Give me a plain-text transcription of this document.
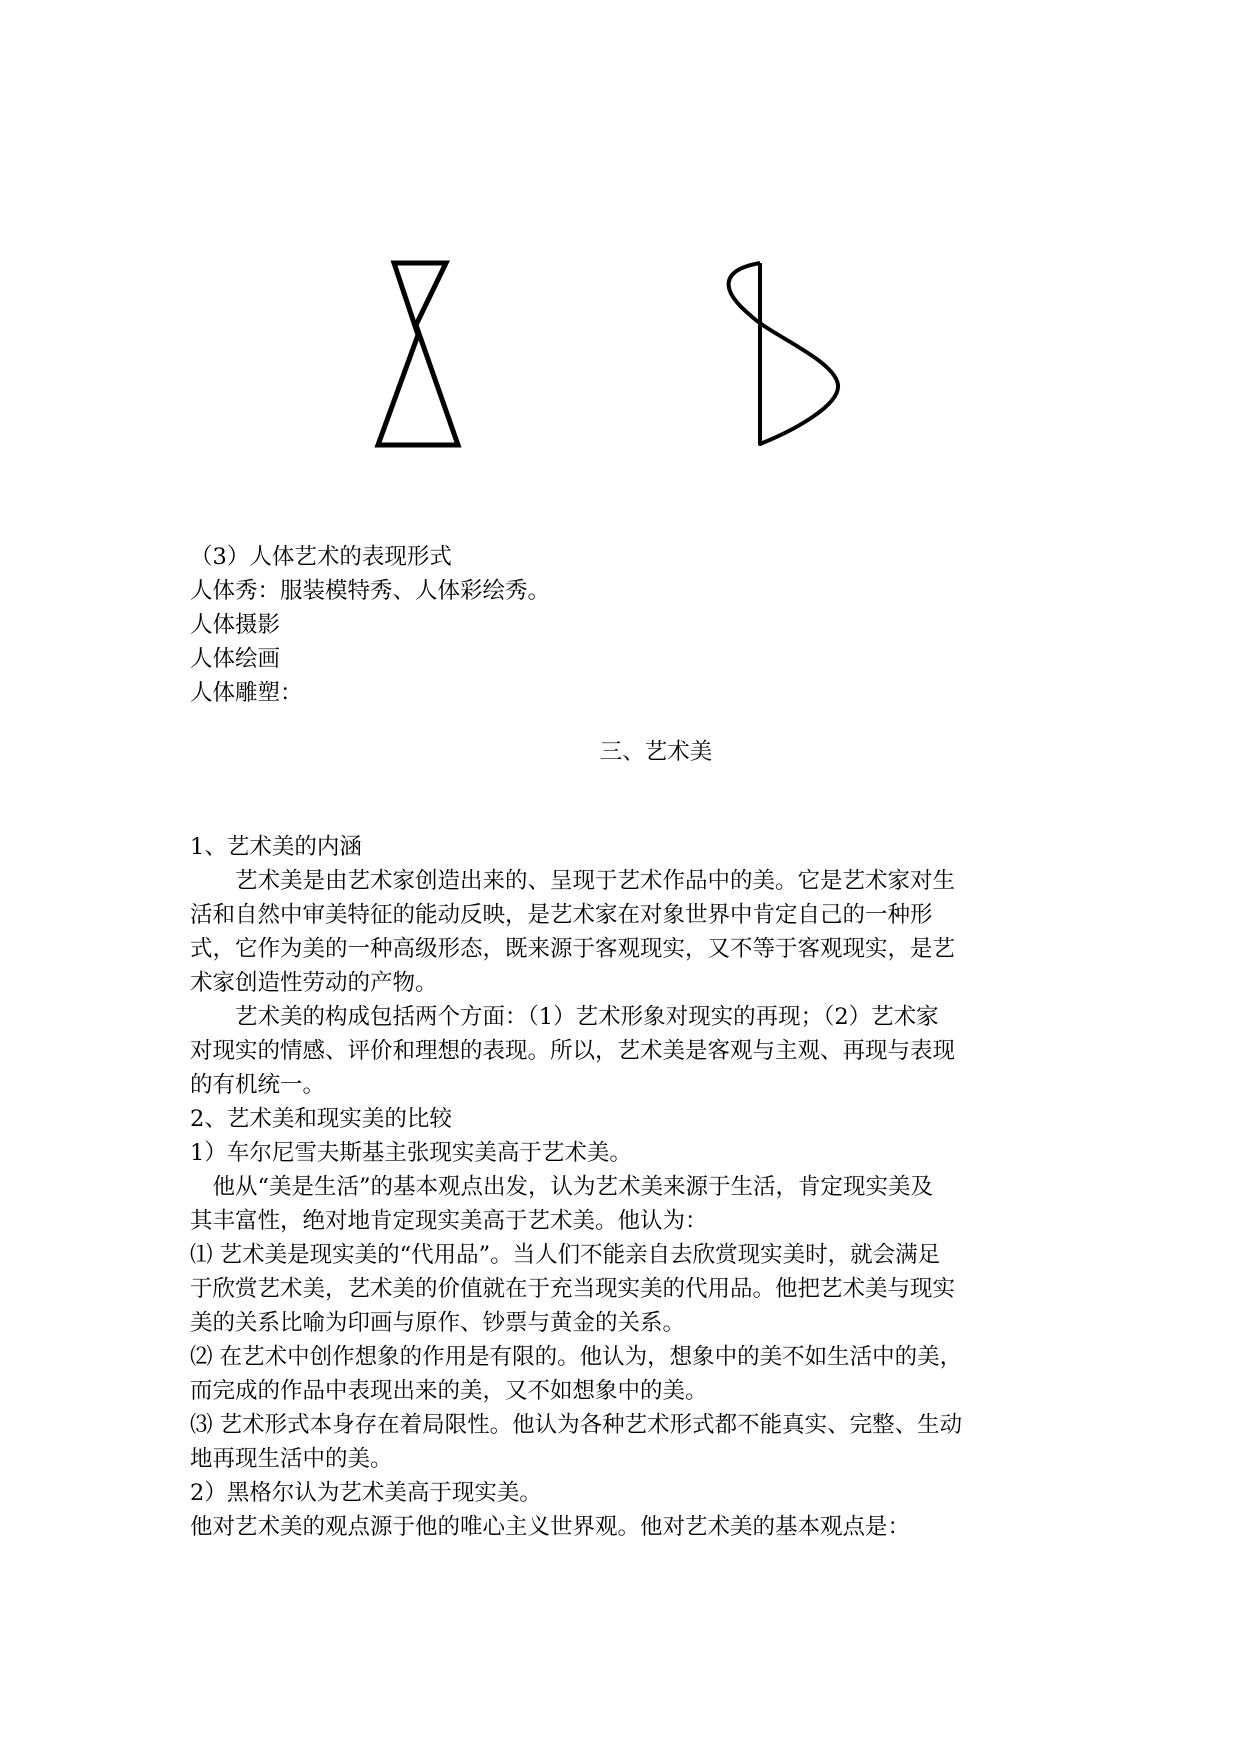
（3）人体艺术的表现形式
人体秀：服装模特秀、人体彩绘秀。
人体摄影
人体绘画
人体雕塑：
三、艺术美
1、艺术美的内涵
　　艺术美是由艺术家创造出来的、呈现于艺术作品中的美。它是艺术家对生
活和自然中审美特征的能动反映，是艺术家在对象世界中肯定自己的一种形
式，它作为美的一种高级形态，既来源于客观现实，又不等于客观现实，是艺
术家创造性劳动的产物。
　　艺术美的构成包括两个方面：（1）艺术形象对现实的再现；（2）艺术家
对现实的情感、评价和理想的表现。所以，艺术美是客观与主观、再现与表现
的有机统一。
2、艺术美和现实美的比较
1）车尔尼雪夫斯基主张现实美高于艺术美。
　他从“美是生活”的基本观点出发，认为艺术美来源于生活，肯定现实美及
其丰富性，绝对地肯定现实美高于艺术美。他认为：
⑴ 艺术美是现实美的“代用品”。当人们不能亲自去欣赏现实美时，就会满足
于欣赏艺术美，艺术美的价值就在于充当现实美的代用品。他把艺术美与现实
美的关系比喻为印画与原作、钞票与黄金的关系。
⑵ 在艺术中创作想象的作用是有限的。他认为，想象中的美不如生活中的美，
而完成的作品中表现出来的美，又不如想象中的美。
⑶ 艺术形式本身存在着局限性。他认为各种艺术形式都不能真实、完整、生动
地再现生活中的美。
2）黑格尔认为艺术美高于现实美。
他对艺术美的观点源于他的唯心主义世界观。他对艺术美的基本观点是：
